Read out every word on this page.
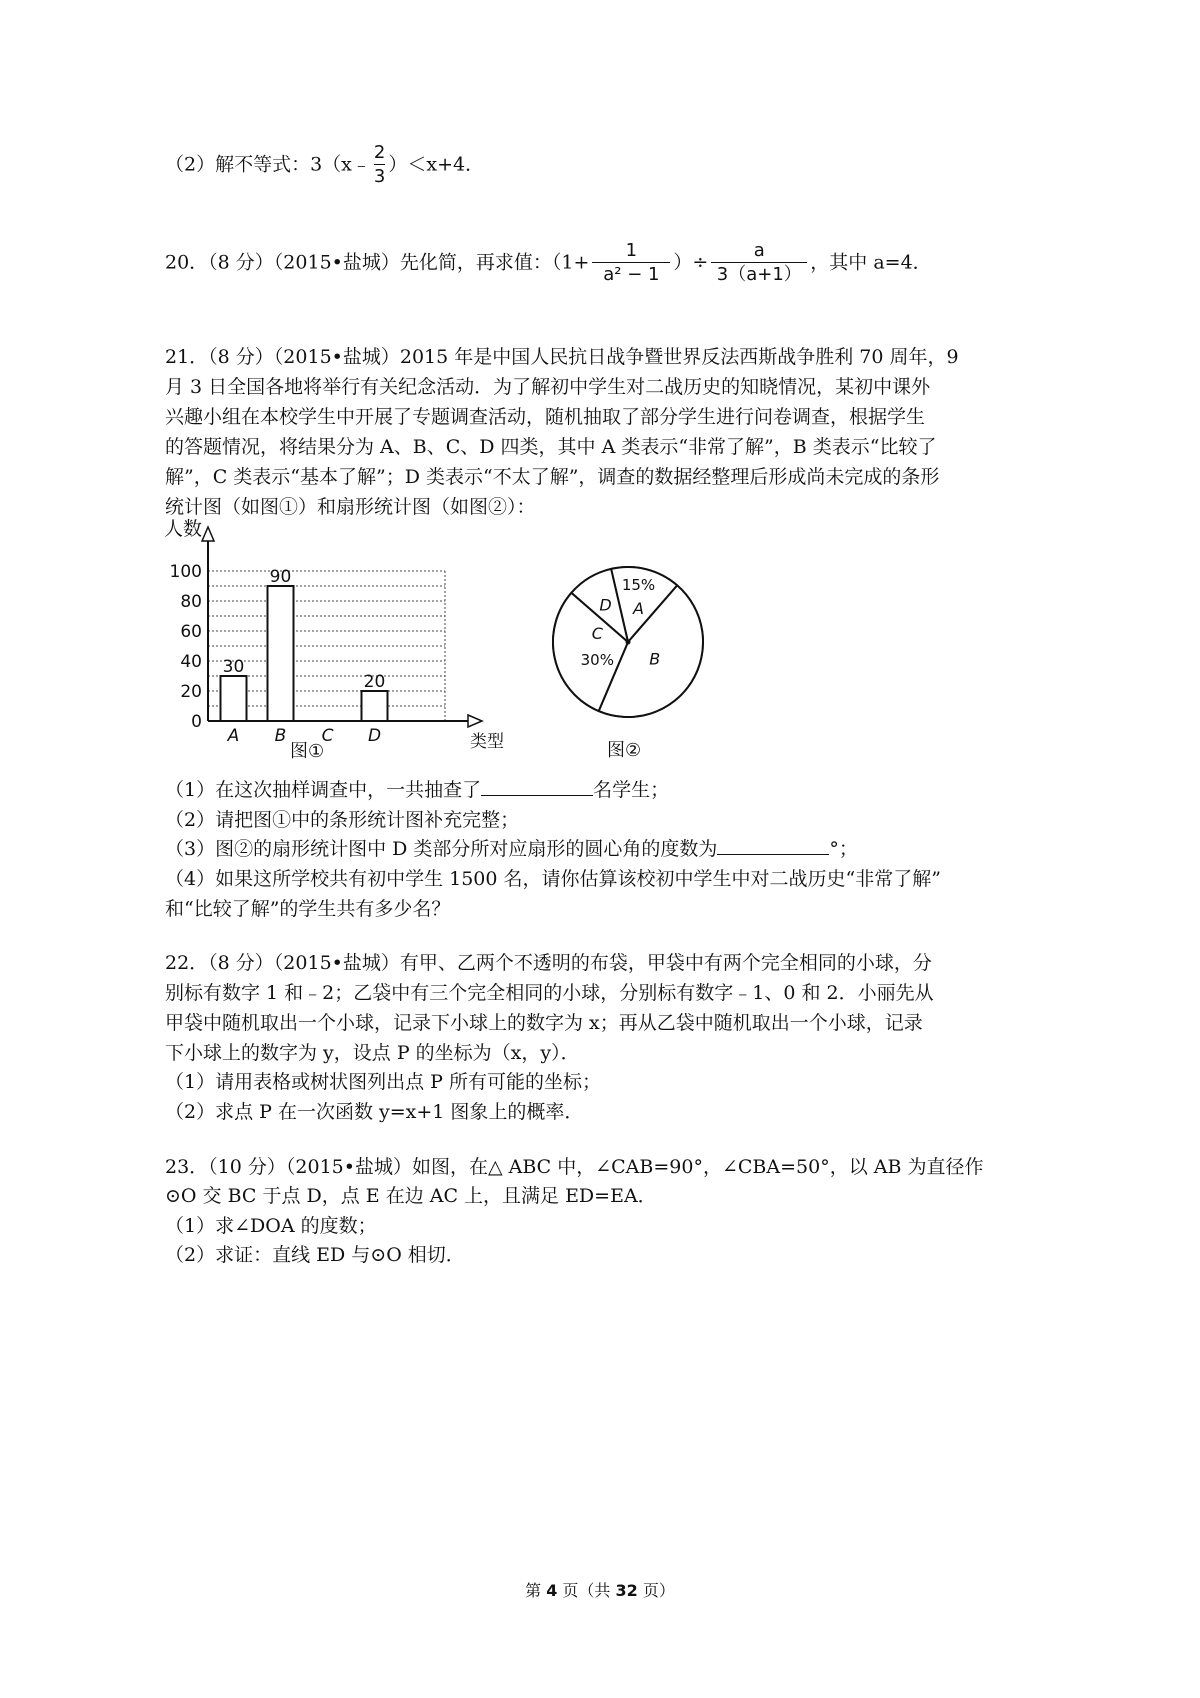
（2）解不等式：3（x﹣ $\frac{2}{3} )<x+4$．
20．（8 分）（2015•盐城）先化简，再求值：（$1+ \frac{1}{\text{a² − 1}}$ ）÷ $\frac{a}{3(a+1)}$ ，其中 a=4．
21．（8 分）（2015•盐城）2015 年是中国人民抗日战争暨世界反法西斯战争胜利 70 周年，9
月 3 日全国各地将举行有关纪念活动．为了解初中学生对二战历史的知晓情况，某初中课外
兴趣小组在本校学生中开展了专题调查活动，随机抽取了部分学生进行问卷调查，根据学生
的答题情况，将结果分为 A、B、C、D 四类，其中 A 类表示“非常了解”，B 类表示“比较了
解”，C 类表示“基本了解”；D 类表示“不太了解”，调查的数据经整理后形成尚未完成的条形
统计图（如图①）和扇形统计图（如图②）：
0
20
40
60
80
100
30
90
20
A B C D
人数
类型
图①
15%
A
B
30%
C
D
图②
（1）在这次抽样调查中，一共抽查了	名学生；
（2）请把图①中的条形统计图补充完整；
（3）图②的扇形统计图中 D 类部分所对应扇形的圆心角的度数为	°；
（4）如果这所学校共有初中学生 1500 名，请你估算该校初中学生中对二战历史“非常了解”
和“比较了解”的学生共有多少名？
22．（8 分）（2015•盐城）有甲、乙两个不透明的布袋，甲袋中有两个完全相同的小球，分
别标有数字 1 和﹣2；乙袋中有三个完全相同的小球，分别标有数字﹣1、0 和 2．小丽先从
甲袋中随机取出一个小球，记录下小球上的数字为 x；再从乙袋中随机取出一个小球，记录
下小球上的数字为 y，设点 P 的坐标为（x，y）．
（1）请用表格或树状图列出点 P 所有可能的坐标；
（2）求点 P 在一次函数 y=x+1 图象上的概率．
23．（10 分）（2015•盐城）如图，在△ ABC 中，∠CAB=90°，∠CBA=50°，以 AB 为直径作
⊙O 交 BC 于点 D，点 E 在边 AC 上，且满足 ED=EA．
（1）求∠DOA 的度数；
（2）求证：直线 ED 与⊙O 相切．
第 4 页（共 32 页）
